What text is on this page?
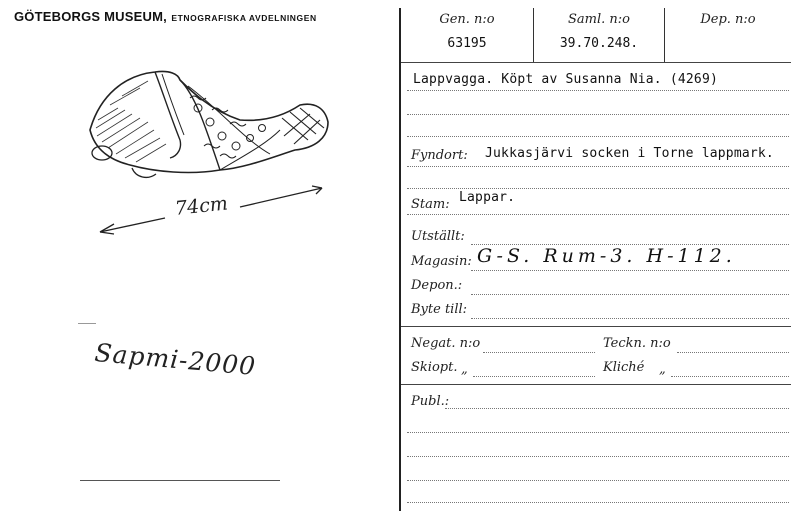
GÖTEBORGS MUSEUM, ETNOGRAFISKA AVDELNINGEN
74cm
Sapmi-2000
Gen. n:o
63195
Saml. n:o
39.70.248.
Dep. n:o
Lappvagga. Köpt av Susanna Nia. (4269)
Fyndort: Jukkasjärvi socken i Torne lappmark.
Lappar.
Stam:
Utställt:
Magasin: G-S. Rum-3. H-112.
Depon.:
Byte till:
Negat. n:o	Teckn. n:o
Skiopt. „	Kliché „
Publ.:
